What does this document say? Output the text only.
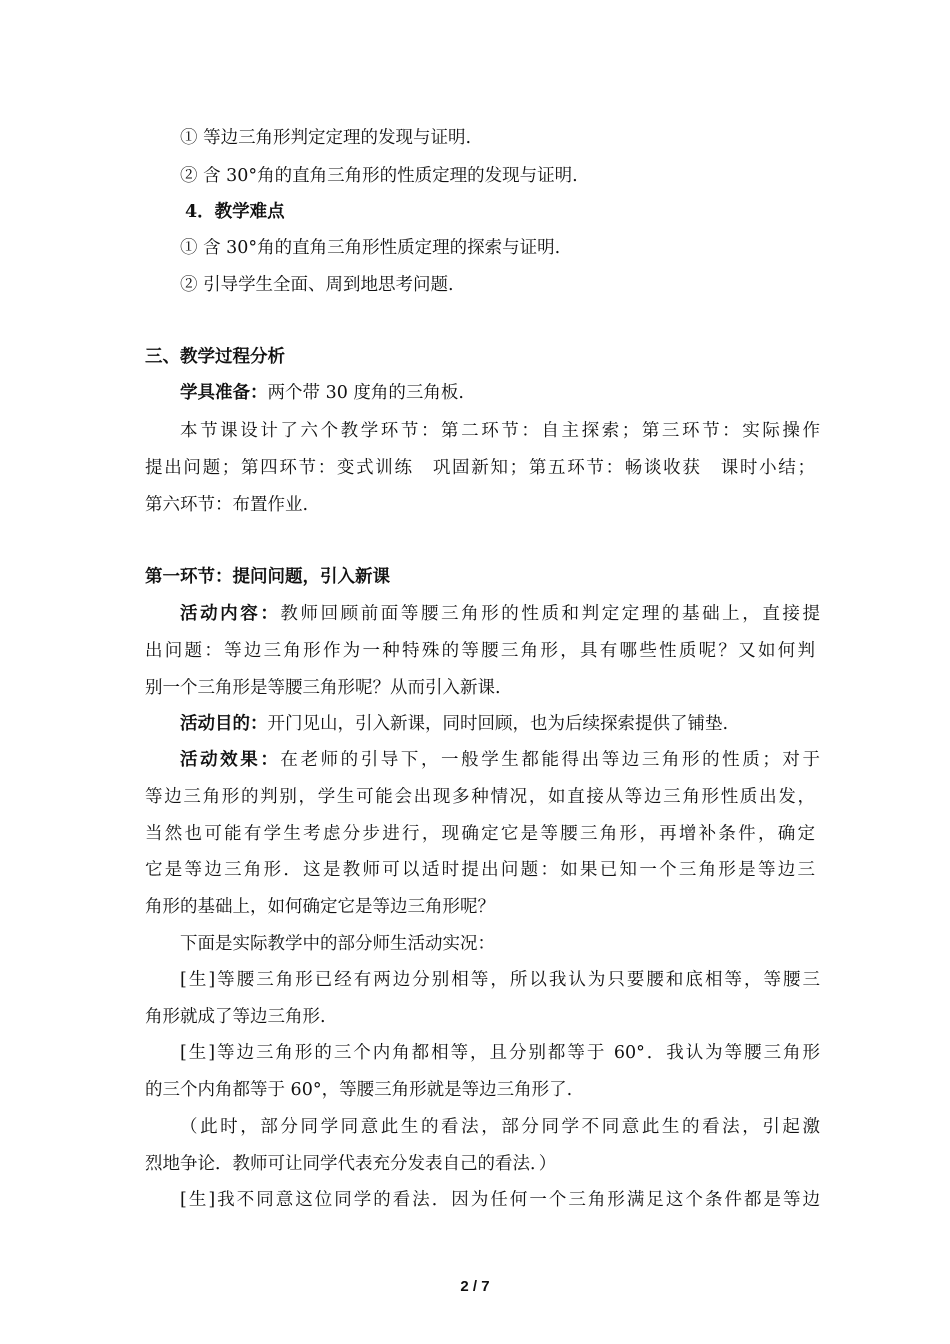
① 等边三角形判定定理的发现与证明.
② 含 30°角的直角三角形的性质定理的发现与证明.
4．教学难点
① 含 30°角的直角三角形性质定理的探索与证明.
② 引导学生全面、周到地思考问题.
三、教学过程分析
学具准备：两个带 30 度角的三角板.
本节课设计了六个教学环节：第二环节：自主探索；第三环节：实际操作
提出问题；第四环节：变式训练　巩固新知；第五环节：畅谈收获　课时小结；
第六环节：布置作业.
第一环节：提问问题，引入新课
活动内容：教师回顾前面等腰三角形的性质和判定定理的基础上，直接提
出问题：等边三角形作为一种特殊的等腰三角形，具有哪些性质呢？又如何判
别一个三角形是等腰三角形呢？从而引入新课.
活动目的：开门见山，引入新课，同时回顾，也为后续探索提供了铺垫.
活动效果：在老师的引导下，一般学生都能得出等边三角形的性质；对于
等边三角形的判别，学生可能会出现多种情况，如直接从等边三角形性质出发，
当然也可能有学生考虑分步进行，现确定它是等腰三角形，再增补条件，确定
它是等边三角形．这是教师可以适时提出问题：如果已知一个三角形是等边三
角形的基础上，如何确定它是等边三角形呢？
下面是实际教学中的部分师生活动实况：
[生]等腰三角形已经有两边分别相等，所以我认为只要腰和底相等，等腰三
角形就成了等边三角形.
[生]等边三角形的三个内角都相等，且分别都等于 60°．我认为等腰三角形
的三个内角都等于 60°，等腰三角形就是等边三角形了.
（此时，部分同学同意此生的看法，部分同学不同意此生的看法，引起激
烈地争论．教师可让同学代表充分发表自己的看法．）
[生]我不同意这位同学的看法．因为任何一个三角形满足这个条件都是等边
2 / 7
